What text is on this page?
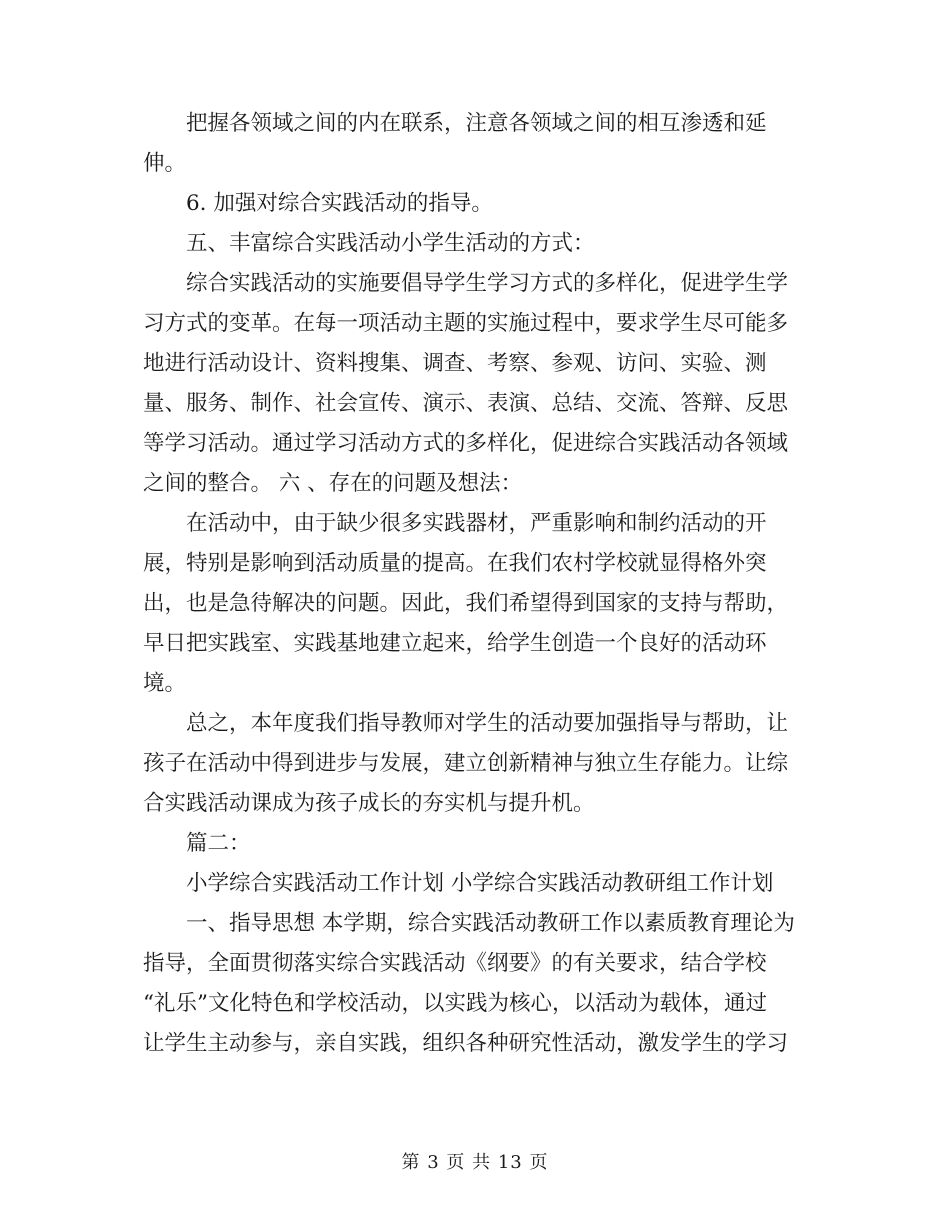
把握各领域之间的内在联系，注意各领域之间的相互渗透和延
伸。
6. 加强对综合实践活动的指导。
五、丰富综合实践活动小学生活动的方式：
综合实践活动的实施要倡导学生学习方式的多样化，促进学生学
习方式的变革。在每一项活动主题的实施过程中，要求学生尽可能多
地进行活动设计、资料搜集、调查、考察、参观、访问、实验、测
量、服务、制作、社会宣传、演示、表演、总结、交流、答辩、反思
等学习活动。通过学习活动方式的多样化，促进综合实践活动各领域
之间的整合。 六 、存在的问题及想法：
在活动中，由于缺少很多实践器材，严重影响和制约活动的开
展，特别是影响到活动质量的提高。在我们农村学校就显得格外突
出，也是急待解决的问题。因此，我们希望得到国家的支持与帮助，
早日把实践室、实践基地建立起来，给学生创造一个良好的活动环
境。
总之，本年度我们指导教师对学生的活动要加强指导与帮助，让
孩子在活动中得到进步与发展，建立创新精神与独立生存能力。让综
合实践活动课成为孩子成长的夯实机与提升机。
篇二：
小学综合实践活动工作计划 小学综合实践活动教研组工作计划
一、指导思想 本学期，综合实践活动教研工作以素质教育理论为
指导，全面贯彻落实综合实践活动《纲要》的有关要求，结合学校
“礼乐”文化特色和学校活动，以实践为核心，以活动为载体，通过
让学生主动参与，亲自实践，组织各种研究性活动，激发学生的学习
第 3 页 共 13 页
